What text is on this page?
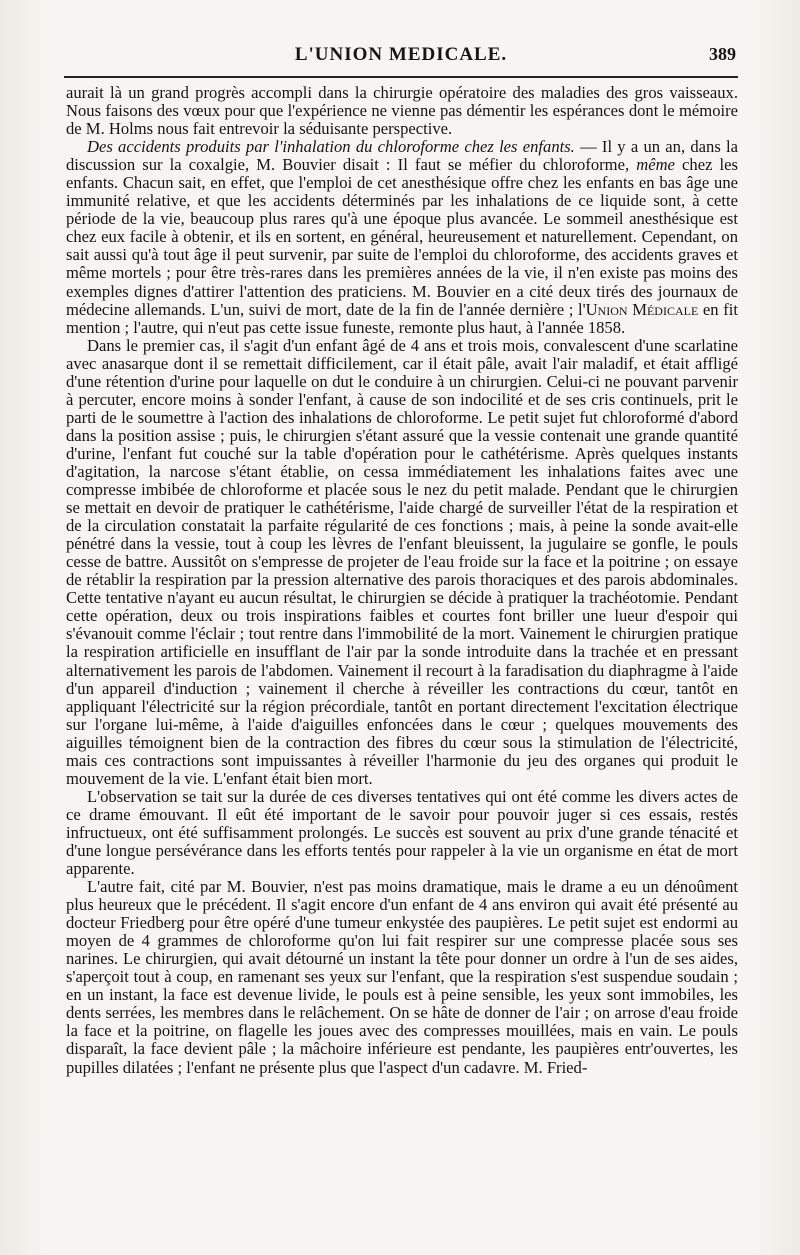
L'UNION MEDICALE.	389

aurait là un grand progrès accompli dans la chirurgie opératoire des maladies des gros vaisseaux. Nous faisons des vœux pour que l'expérience ne vienne pas démentir les espérances dont le mémoire de M. Holms nous fait entrevoir la séduisante perspective.

Des accidents produits par l'inhalation du chloroforme chez les enfants. — Il y a un an, dans la discussion sur la coxalgie, M. Bouvier disait : Il faut se méfier du chloroforme, même chez les enfants. Chacun sait, en effet, que l'emploi de cet anesthésique offre chez les enfants en bas âge une immunité relative, et que les accidents déterminés par les inhalations de ce liquide sont, à cette période de la vie, beaucoup plus rares qu'à une époque plus avancée. Le sommeil anesthésique est chez eux facile à obtenir, et ils en sortent, en général, heureusement et naturellement. Cependant, on sait aussi qu'à tout âge il peut survenir, par suite de l'emploi du chloroforme, des accidents graves et même mortels ; pour être très-rares dans les premières années de la vie, il n'en existe pas moins des exemples dignes d'attirer l'attention des praticiens. M. Bouvier en a cité deux tirés des journaux de médecine allemands. L'un, suivi de mort, date de la fin de l'année dernière ; l'Union Médicale en fit mention ; l'autre, qui n'eut pas cette issue funeste, remonte plus haut, à l'année 1858.

Dans le premier cas, il s'agit d'un enfant âgé de 4 ans et trois mois, convalescent d'une scarlatine avec anasarque dont il se remettait difficilement, car il était pâle, avait l'air maladif, et était affligé d'une rétention d'urine pour laquelle on dut le conduire à un chirurgien. Celui-ci ne pouvant parvenir à percuter, encore moins à sonder l'enfant, à cause de son indocilité et de ses cris continuels, prit le parti de le soumettre à l'action des inhalations de chloroforme. Le petit sujet fut chloroformé d'abord dans la position assise ; puis, le chirurgien s'étant assuré que la vessie contenait une grande quantité d'urine, l'enfant fut couché sur la table d'opération pour le cathétérisme. Après quelques instants d'agitation, la narcose s'étant établie, on cessa immédiatement les inhalations faites avec une compresse imbibée de chloroforme et placée sous le nez du petit malade. Pendant que le chirurgien se mettait en devoir de pratiquer le cathétérisme, l'aide chargé de surveiller l'état de la respiration et de la circulation constatait la parfaite régularité de ces fonctions ; mais, à peine la sonde avait-elle pénétré dans la vessie, tout à coup les lèvres de l'enfant bleuissent, la jugulaire se gonfle, le pouls cesse de battre. Aussitôt on s'empresse de projeter de l'eau froide sur la face et la poitrine ; on essaye de rétablir la respiration par la pression alternative des parois thoraciques et des parois abdominales. Cette tentative n'ayant eu aucun résultat, le chirurgien se décide à pratiquer la trachéotomie. Pendant cette opération, deux ou trois inspirations faibles et courtes font briller une lueur d'espoir qui s'évanouit comme l'éclair ; tout rentre dans l'immobilité de la mort. Vainement le chirurgien pratique la respiration artificielle en insufflant de l'air par la sonde introduite dans la trachée et en pressant alternativement les parois de l'abdomen. Vainement il recourt à la faradisation du diaphragme à l'aide d'un appareil d'induction ; vainement il cherche à réveiller les contractions du cœur, tantôt en appliquant l'électricité sur la région précordiale, tantôt en portant directement l'excitation électrique sur l'organe lui-même, à l'aide d'aiguilles enfoncées dans le cœur ; quelques mouvements des aiguilles témoignent bien de la contraction des fibres du cœur sous la stimulation de l'électricité, mais ces contractions sont impuissantes à réveiller l'harmonie du jeu des organes qui produit le mouvement de la vie. L'enfant était bien mort.

L'observation se tait sur la durée de ces diverses tentatives qui ont été comme les divers actes de ce drame émouvant. Il eût été important de le savoir pour pouvoir juger si ces essais, restés infructueux, ont été suffisamment prolongés. Le succès est souvent au prix d'une grande ténacité et d'une longue persévérance dans les efforts tentés pour rappeler à la vie un organisme en état de mort apparente.

L'autre fait, cité par M. Bouvier, n'est pas moins dramatique, mais le drame a eu un dénoûment plus heureux que le précédent. Il s'agit encore d'un enfant de 4 ans environ qui avait été présenté au docteur Friedberg pour être opéré d'une tumeur enkystée des paupières. Le petit sujet est endormi au moyen de 4 grammes de chloroforme qu'on lui fait respirer sur une compresse placée sous ses narines. Le chirurgien, qui avait détourné un instant la tête pour donner un ordre à l'un de ses aides, s'aperçoit tout à coup, en ramenant ses yeux sur l'enfant, que la respiration s'est suspendue soudain ; en un instant, la face est devenue livide, le pouls est à peine sensible, les yeux sont immobiles, les dents serrées, les membres dans le relâchement. On se hâte de donner de l'air ; on arrose d'eau froide la face et la poitrine, on flagelle les joues avec des compresses mouillées, mais en vain. Le pouls disparaît, la face devient pâle ; la mâchoire inférieure est pendante, les paupières entr'ouvertes, les pupilles dilatées ; l'enfant ne présente plus que l'aspect d'un cadavre. M. Fried-
